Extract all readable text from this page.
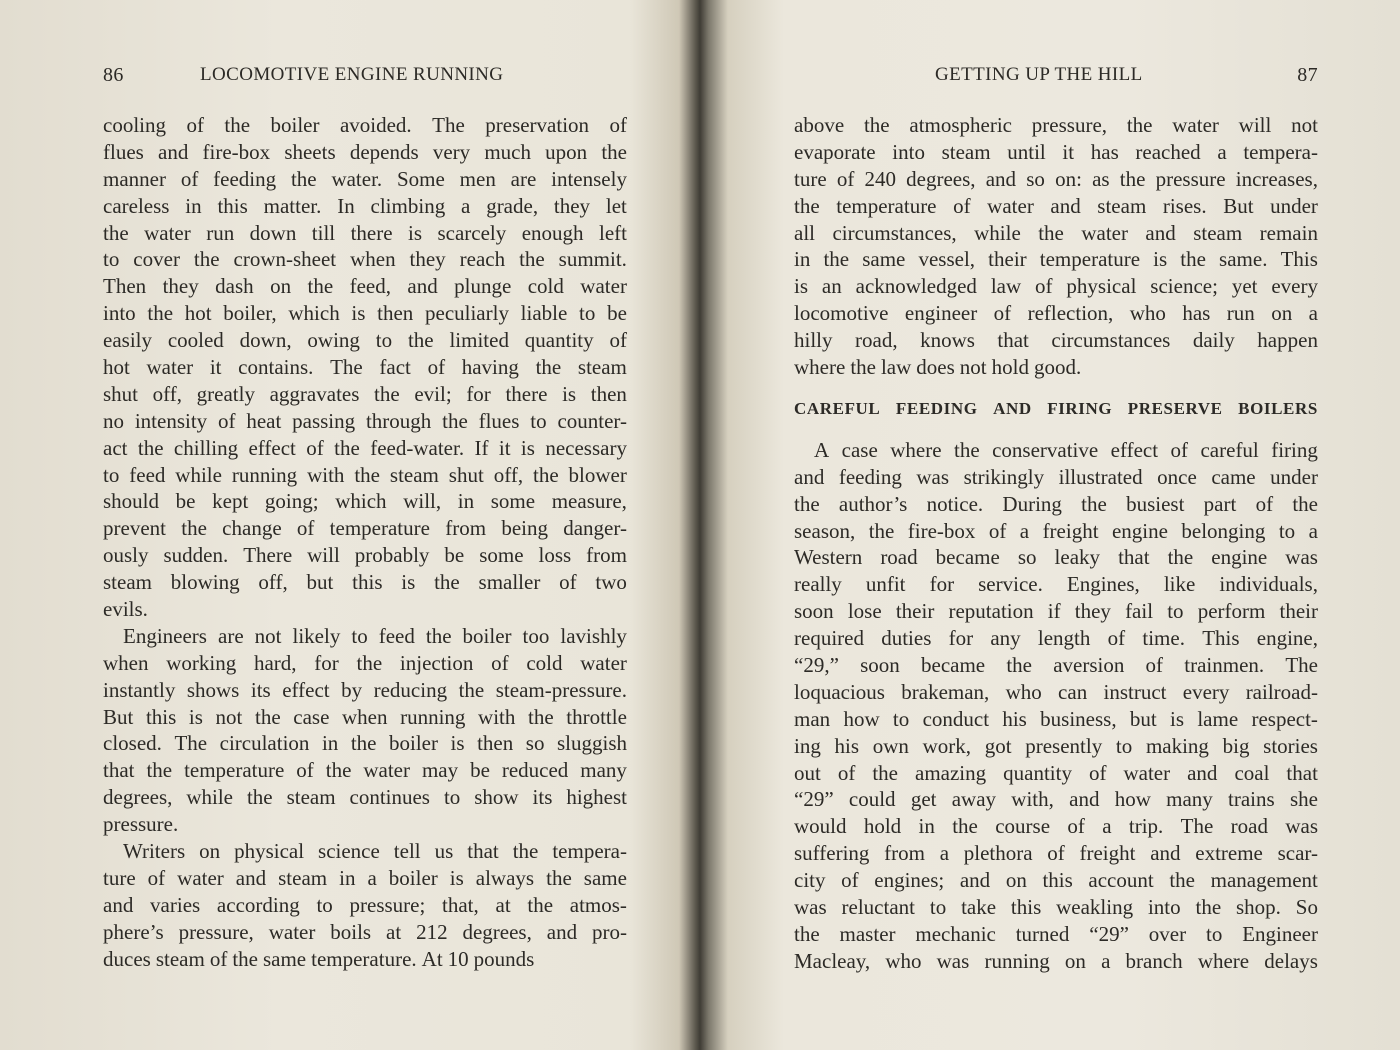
86	LOCOMOTIVE ENGINE RUNNING
cooling of the boiler avoided. The preservation of
flues and fire-box sheets depends very much upon the
manner of feeding the water. Some men are intensely
careless in this matter. In climbing a grade, they let
the water run down till there is scarcely enough left
to cover the crown-sheet when they reach the summit.
Then they dash on the feed, and plunge cold water
into the hot boiler, which is then peculiarly liable to be
easily cooled down, owing to the limited quantity of
hot water it contains. The fact of having the steam
shut off, greatly aggravates the evil; for there is then
no intensity of heat passing through the flues to counter-
act the chilling effect of the feed-water. If it is necessary
to feed while running with the steam shut off, the blower
should be kept going; which will, in some measure,
prevent the change of temperature from being danger-
ously sudden. There will probably be some loss from
steam blowing off, but this is the smaller of two
evils.
Engineers are not likely to feed the boiler too lavishly
when working hard, for the injection of cold water
instantly shows its effect by reducing the steam-pressure.
But this is not the case when running with the throttle
closed. The circulation in the boiler is then so sluggish
that the temperature of the water may be reduced many
degrees, while the steam continues to show its highest
pressure.
Writers on physical science tell us that the tempera-
ture of water and steam in a boiler is always the same
and varies according to pressure; that, at the atmos-
phere’s pressure, water boils at 212 degrees, and pro-
duces steam of the same temperature. At 10 pounds
GETTING UP THE HILL	87
above the atmospheric pressure, the water will not
evaporate into steam until it has reached a tempera-
ture of 240 degrees, and so on: as the pressure increases,
the temperature of water and steam rises. But under
all circumstances, while the water and steam remain
in the same vessel, their temperature is the same. This
is an acknowledged law of physical science; yet every
locomotive engineer of reflection, who has run on a
hilly road, knows that circumstances daily happen
where the law does not hold good.
CAREFUL FEEDING AND FIRING PRESERVE BOILERS
A case where the conservative effect of careful firing
and feeding was strikingly illustrated once came under
the author’s notice. During the busiest part of the
season, the fire-box of a freight engine belonging to a
Western road became so leaky that the engine was
really unfit for service. Engines, like individuals,
soon lose their reputation if they fail to perform their
required duties for any length of time. This engine,
“29,” soon became the aversion of trainmen. The
loquacious brakeman, who can instruct every railroad-
man how to conduct his business, but is lame respect-
ing his own work, got presently to making big stories
out of the amazing quantity of water and coal that
“29” could get away with, and how many trains she
would hold in the course of a trip. The road was
suffering from a plethora of freight and extreme scar-
city of engines; and on this account the management
was reluctant to take this weakling into the shop. So
the master mechanic turned “29” over to Engineer
Macleay, who was running on a branch where delays
